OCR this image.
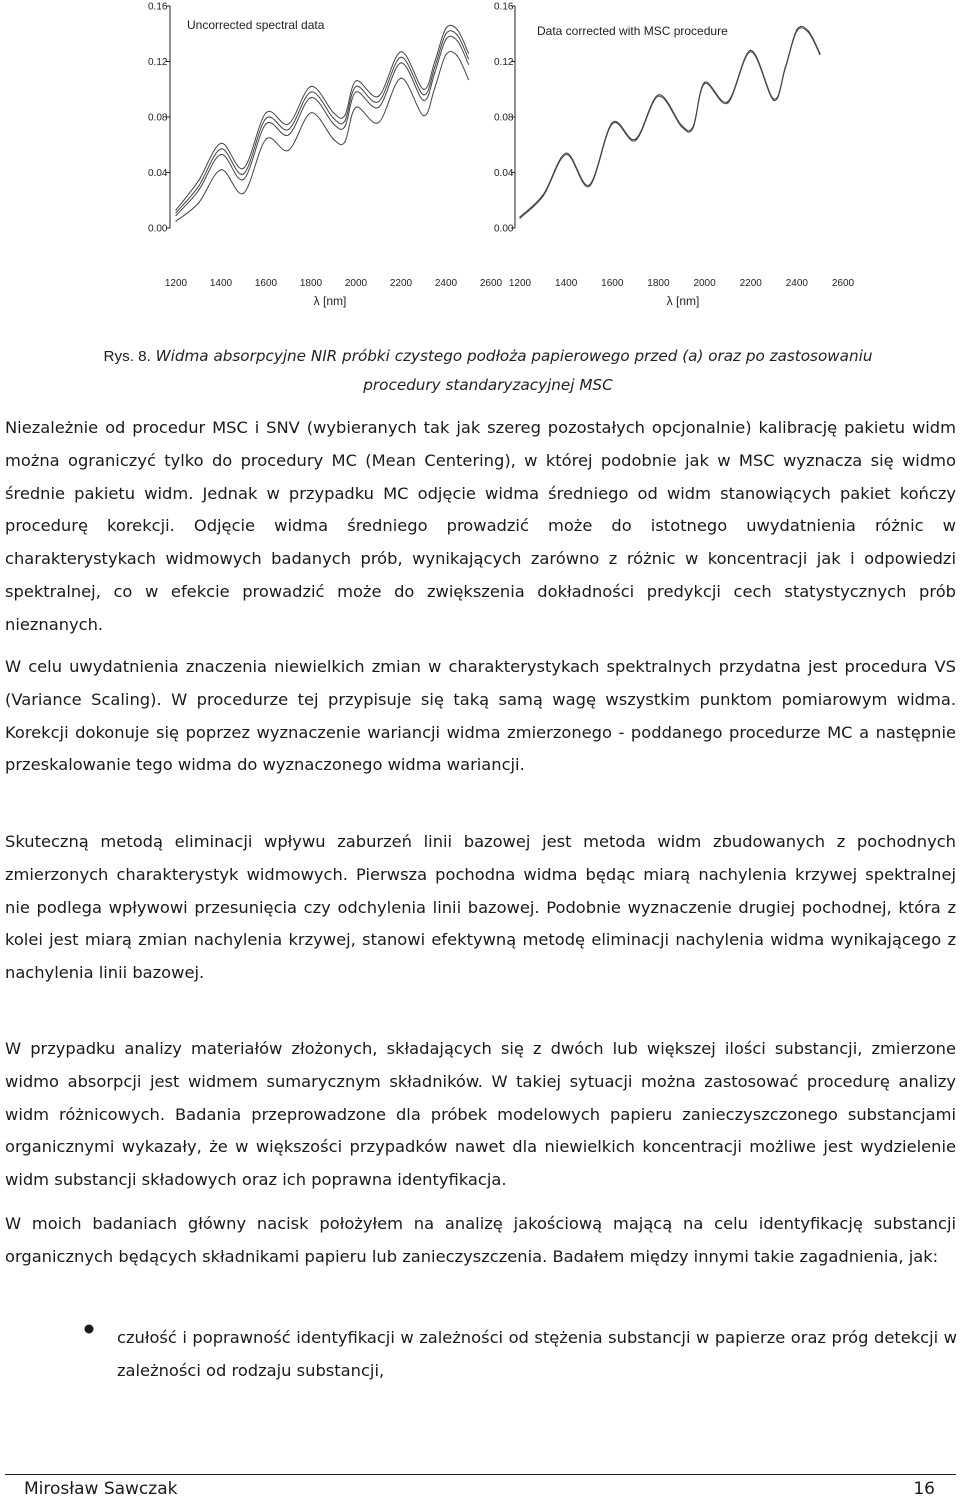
0.16
0.12
0.08
0.04
0.00
1200 1400 1600 1800 2000 2200 2400 2600
λ [nm]
Uncorrected spectral data
0.16
0.12
0.08
0.04
0.00
1200 1400 1600 1800 2000 2200 2400 2600
λ [nm]
Data corrected with MSC procedure
Rys. 8. Widma absorpcyjne NIR próbki czystego podłoża papierowego przed (a) oraz po zastosowaniu procedury standaryzacyjnej MSC
Niezależnie od procedur MSC i SNV (wybieranych tak jak szereg pozostałych opcjonalnie) kalibrację pakietu widm można ograniczyć tylko do procedury MC (Mean Centering), w której podobnie jak w MSC wyznacza się widmo średnie pakietu widm. Jednak w przypadku MC odjęcie widma średniego od widm stanowiących pakiet kończy procedurę korekcji. Odjęcie widma średniego prowadzić może do istotnego uwydatnienia różnic w charakterystykach widmowych badanych prób, wynikających zarówno z różnic w koncentracji jak i odpowiedzi spektralnej, co w efekcie prowadzić może do zwiększenia dokładności predykcji cech statystycznych prób nieznanych.
W celu uwydatnienia znaczenia niewielkich zmian w charakterystykach spektralnych przydatna jest procedura VS (Variance Scaling). W procedurze tej przypisuje się taką samą wagę wszystkim punktom pomiarowym widma. Korekcji dokonuje się poprzez wyznaczenie wariancji widma zmierzonego - poddanego procedurze MC a następnie przeskalowanie tego widma do wyznaczonego widma wariancji.
Skuteczną metodą eliminacji wpływu zaburzeń linii bazowej jest metoda widm zbudowanych z pochodnych zmierzonych charakterystyk widmowych. Pierwsza pochodna widma będąc miarą nachylenia krzywej spektralnej nie podlega wpływowi przesunięcia czy odchylenia linii bazowej. Podobnie wyznaczenie drugiej pochodnej, która z kolei jest miarą zmian nachylenia krzywej, stanowi efektywną metodę eliminacji nachylenia widma wynikającego z nachylenia linii bazowej.
W przypadku analizy materiałów złożonych, składających się z dwóch lub większej ilości substancji, zmierzone widmo absorpcji jest widmem sumarycznym składników. W takiej sytuacji można zastosować procedurę analizy widm różnicowych. Badania przeprowadzone dla próbek modelowych papieru zanieczyszczonego substancjami organicznymi wykazały, że w większości przypadków nawet dla niewielkich koncentracji możliwe jest wydzielenie widm substancji składowych oraz ich poprawna identyfikacja.
W moich badaniach główny nacisk położyłem na analizę jakościową mającą na celu identyfikację substancji organicznych będących składnikami papieru lub zanieczyszczenia. Badałem między innymi takie zagadnienia, jak:
czułość i poprawność identyfikacji w zależności od stężenia substancji w papierze oraz próg detekcji w zależności od rodzaju substancji,
Mirosław Sawczak	16
